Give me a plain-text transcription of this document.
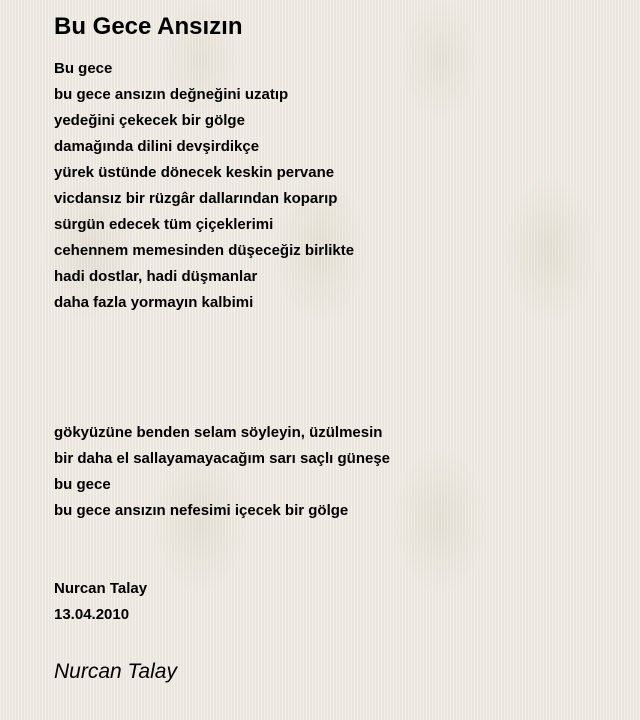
Bu Gece Ansızın
Bu gece
bu gece ansızın değneğini uzatıp
yedeğini çekecek bir gölge
damağında dilini devşirdikçe
yürek üstünde dönecek keskin pervane
vicdansız bir rüzgâr dallarından koparıp
sürgün edecek tüm çiçeklerimi
cehennem memesinden düşeceğiz birlikte
hadi dostlar, hadi düşmanlar
daha fazla yormayın kalbimi
gökyüzüne benden selam söyleyin, üzülmesin
bir daha el sallayamayacağım sarı saçlı güneşe
bu gece
bu gece ansızın nefesimi içecek bir gölge
Nurcan Talay
13.04.2010
Nurcan Talay
